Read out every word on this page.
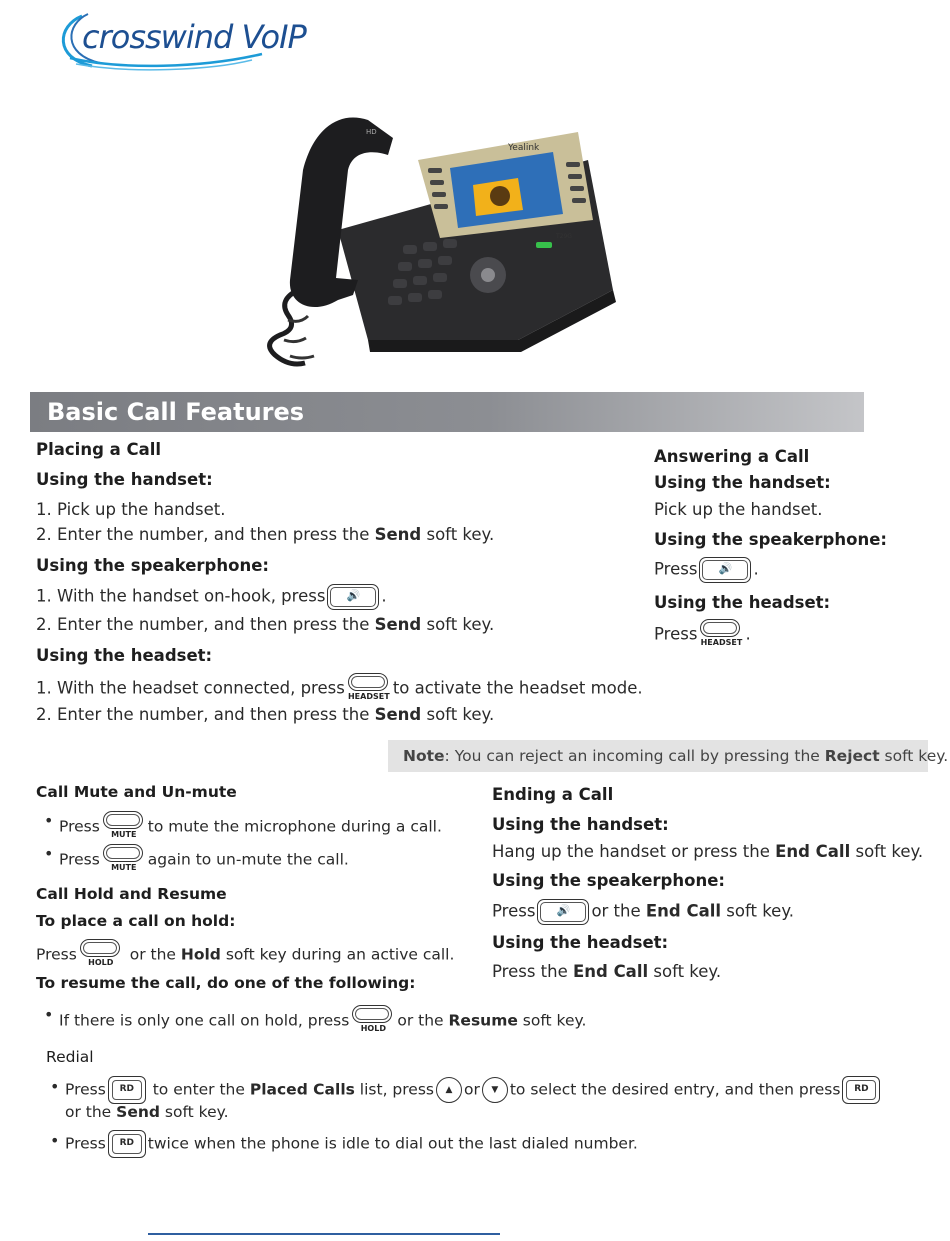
crosswind VoIP
Yealink
T29G
HD
Basic Call Features
Placing a Call
Using the handset:
1. Pick up the handset.
2. Enter the number, and then press the Send soft key.
Using the speakerphone:
1. With the handset on-hook, press	🔊	.
2. Enter the number, and then press the Send soft key.
Using the headset:
1. With the headset connected, press HEADSET to activate the headset mode.
2. Enter the number, and then press the Send soft key.
Answering a Call
Using the handset:
Pick up the handset.
Using the speakerphone:
Press	🔊	.
Using the headset:
Press HEADSET .
Note: You can reject an incoming call by pressing the Reject soft key.
Call Mute and Un-mute
• Press	MUTE to mute the microphone during a call.
• Press	MUTE again to un-mute the call.
Call Hold and Resume
To place a call on hold:
Press	HOLD or the Hold soft key during an active call.
To resume the call, do one of the following:
• If there is only one call on hold, press	HOLD or the Resume soft key.
Ending a Call
Using the handset:
Hang up the handset or press the End Call soft key.
Using the speakerphone:
Press	🔊	or the End Call soft key.
Using the headset:
Press the End Call soft key.
Redial
• Press	RD to enter the Placed Calls list, press	▲ or	▼ to select the desired entry, and then press	RD
or the Send soft key.
• Press	RD twice when the phone is idle to dial out the last dialed number.
